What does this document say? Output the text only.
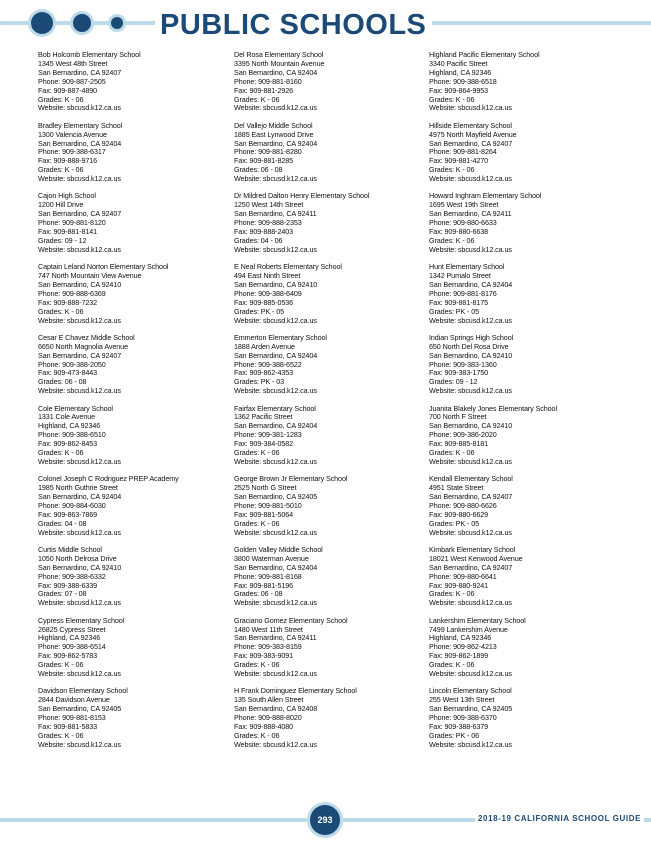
PUBLIC SCHOOLS
Bob Holcomb Elementary School
1345 West 48th Street
San Bernardino, CA 92407
Phone: 909-887-2505
Fax: 909-887-4890
Grades: K - 06
Website: sbcusd.k12.ca.us
Bradley Elementary School
1300 Valencia Avenue
San Bernardino, CA 92404
Phone: 909-388-6317
Fax: 909-888-9716
Grades: K - 06
Website: sbcusd.k12.ca.us
Cajon High School
1200 Hill Drive
San Bernardino, CA 92407
Phone: 909-881-8120
Fax: 909-881-8141
Grades: 09 - 12
Website: sbcusd.k12.ca.us
Captain Leland Norton Elementary School
747 North Mountain View Avenue
San Bernardino, CA 92410
Phone: 909-888-6369
Fax: 909-888-7232
Grades: K - 06
Website: sbcusd.k12.ca.us
Cesar E Chavez Middle School
6650 North Magnolia Avenue
San Bernardino, CA 92407
Phone: 909-388-2050
Fax: 909-473-8443
Grades: 06 - 08
Website: sbcusd.k12.ca.us
Cole Elementary School
1331 Cole Avenue
Highland, CA 92346
Phone: 909-388-6510
Fax: 909-862-8453
Grades: K - 06
Website: sbcusd.k12.ca.us
Colonel Joseph C Rodriguez PREP Academy
1985 North Guthrie Street
San Bernardino, CA 92404
Phone: 909-884-6030
Fax: 909-863-7869
Grades: 04 - 08
Website: sbcusd.k12.ca.us
Curtis Middle School
1050 North Delrosa Drive
San Bernardino, CA 92410
Phone: 909-388-6332
Fax: 909-388-6339
Grades: 07 - 08
Website: sbcusd.k12.ca.us
Cypress Elementary School
26825 Cypress Street
Highland, CA 92346
Phone: 909-388-6514
Fax: 909-862-5783
Grades: K - 06
Website: sbcusd.k12.ca.us
Davidson Elementary School
2844 Davidson Avenue
San Bernardino, CA 92405
Phone: 909-881-8153
Fax: 909-881-5833
Grades: K - 06
Website: sbcusd.k12.ca.us
Del Rosa Elementary School
3395 North Mountain Avenue
San Bernardino, CA 92404
Phone: 909-881-8160
Fax: 909-881-2926
Grades: K - 06
Website: sbcusd.k12.ca.us
Del Vallejo Middle School
1885 East Lynwood Drive
San Bernardino, CA 92404
Phone: 909-881-8280
Fax: 909-881-8285
Grades: 06 - 08
Website: sbcusd.k12.ca.us
Dr Mildred Dalton Henry Elementary School
1250 West 14th Street
San Bernardino, CA 92411
Phone: 909-888-2353
Fax: 909-888-2403
Grades: 04 - 06
Website: sbcusd.k12.ca.us
E Neal Roberts Elementary School
494 East Ninth Street
San Bernardino, CA 92410
Phone: 909-388-6409
Fax: 909-885-0536
Grades: PK - 05
Website: sbcusd.k12.ca.us
Emmerton Elementary School
1888 Arden Avenue
San Bernardino, CA 92404
Phone: 909-388-6522
Fax: 909-862-4353
Grades: PK - 03
Website: sbcusd.k12.ca.us
Fairfax Elementary School
1362 Pacific Street
San Bernardino, CA 92404
Phone: 909-381-1283
Fax: 909-384-0582
Grades: K - 06
Website: sbcusd.k12.ca.us
George Brown Jr Elementary School
2525 North G Street
San Bernardino, CA 92405
Phone: 909-881-5010
Fax: 909-881-5064
Grades: K - 06
Website: sbcusd.k12.ca.us
Golden Valley Middle School
3800 Waterman Avenue
San Bernardino, CA 92404
Phone: 909-881-8168
Fax: 909-881-5196
Grades: 06 - 08
Website: sbcusd.k12.ca.us
Graciano Gomez Elementary School
1480 West 11th Street
San Bernardino, CA 92411
Phone: 909-383-8159
Fax: 909-383-9091
Grades: K - 06
Website: sbcusd.k12.ca.us
H Frank Dominguez Elementary School
135 South Allen Street
San Bernardino, CA 92408
Phone: 909-888-8020
Fax: 909-888-4080
Grades: K - 06
Website: sbcusd.k12.ca.us
Highland Pacific Elementary School
3340 Pacific Street
Highland, CA 92346
Phone: 909-388-6518
Fax: 909-864-9953
Grades: K - 06
Website: sbcusd.k12.ca.us
Hillside Elementary School
4975 North Mayfield Avenue
San Bernardino, CA 92407
Phone: 909-881-8264
Fax: 909-881-4270
Grades: K - 06
Website: sbcusd.k12.ca.us
Howard Inghram Elementary School
1695 West 19th Street
San Bernardino, CA 92411
Phone: 909-880-6633
Fax: 909-880-6638
Grades: K - 06
Website: sbcusd.k12.ca.us
Hunt Elementary School
1342 Pumalo Street
San Bernardino, CA 92404
Phone: 909-881-8176
Fax: 909-881-8175
Grades: PK - 05
Website: sbcusd.k12.ca.us
Indian Springs High School
650 North Del Rosa Drive
San Bernardino, CA 92410
Phone: 909-383-1360
Fax: 909-383-1750
Grades: 09 - 12
Website: sbcusd.k12.ca.us
Juanita Blakely Jones Elementary School
700 North F Street
San Bernardino, CA 92410
Phone: 909-386-2020
Fax: 909-885-8181
Grades: K - 06
Website: sbcusd.k12.ca.us
Kendall Elementary School
4951 State Street
San Bernardino, CA 92407
Phone: 909-880-6626
Fax: 909-880-6629
Grades: PK - 05
Website: sbcusd.k12.ca.us
Kimbark Elementary School
18021 West Kenwood Avenue
San Bernardino, CA 92407
Phone: 909-880-6641
Fax: 909-880-9241
Grades: K - 06
Website: sbcusd.k12.ca.us
Lankershim Elementary School
7499 Lankershim Avenue
Highland, CA 92346
Phone: 909-862-4213
Fax: 909-862-1899
Grades: K - 06
Website: sbcusd.k12.ca.us
Lincoln Elementary School
255 West 13th Street
San Bernardino, CA 92405
Phone: 909-388-6370
Fax: 909-388-6379
Grades: PK - 06
Website: sbcusd.k12.ca.us
293	2018-19 CALIFORNIA SCHOOL GUIDE
